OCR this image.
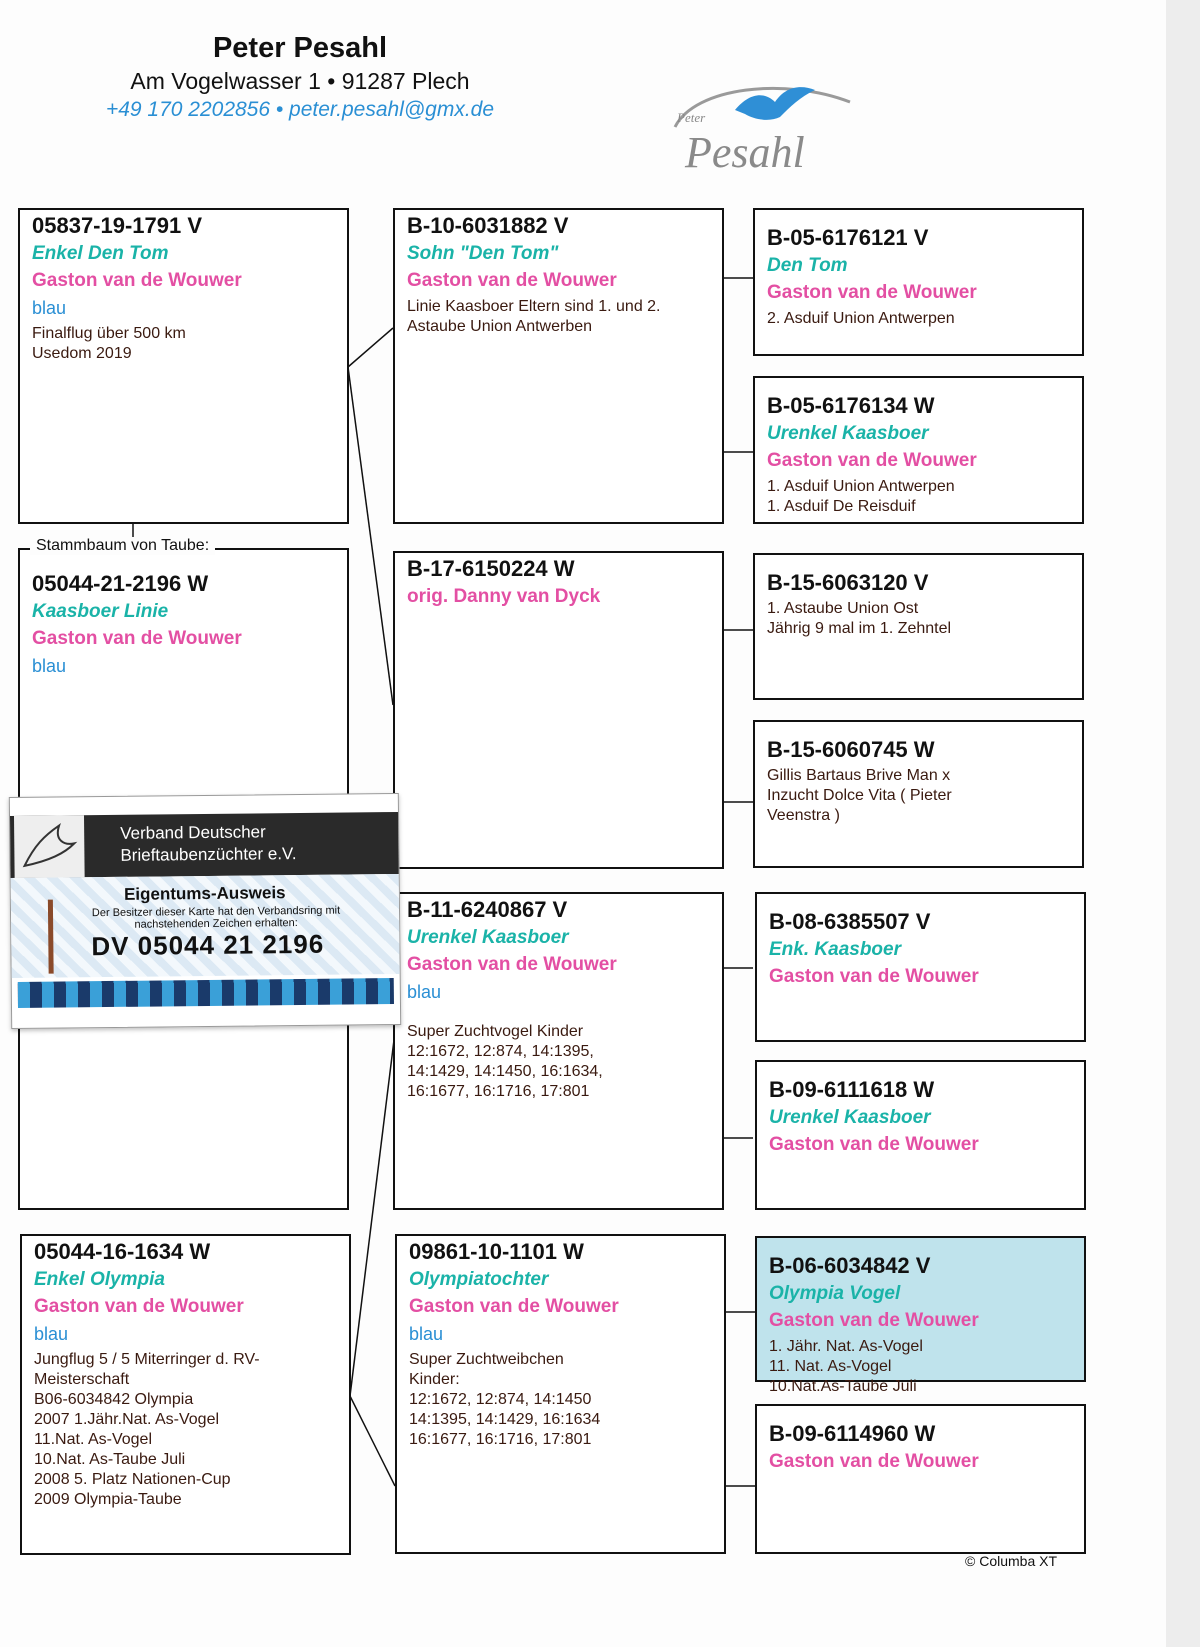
Peter Pesahl
Am Vogelwasser 1 • 91287 Plech
+49 170 2202856 • peter.pesahl@gmx.de	Peter
Pesahl
05837-19-1791 V
Enkel Den Tom
Gaston van de Wouwer
blau
Finalflug über 500 km
Usedom 2019
05044-21-2196 W
Kaasboer Linie
Gaston van de Wouwer
blau
Stammbaum von Taube:
05044-16-1634 W
Enkel Olympia
Gaston van de Wouwer
blau
Jungflug 5 / 5 Miterringer d. RV-
Meisterschaft
B06-6034842 Olympia
2007 1.Jähr.Nat. As-Vogel
11.Nat. As-Vogel
10.Nat. As-Taube Juli
2008 5. Platz Nationen-Cup
2009 Olympia-Taube
B-10-6031882 V
Sohn "Den Tom"
Gaston van de Wouwer
Linie Kaasboer Eltern sind 1. und 2.
Astaube Union Antwerben
B-17-6150224 W
orig. Danny van Dyck
B-11-6240867 V
Urenkel Kaasboer
Gaston van de Wouwer
blau
Super Zuchtvogel Kinder
12:1672, 12:874, 14:1395,
14:1429, 14:1450, 16:1634,
16:1677, 16:1716, 17:801
09861-10-1101 W
Olympiatochter
Gaston van de Wouwer
blau
Super Zuchtweibchen
Kinder:
12:1672, 12:874, 14:1450
14:1395, 14:1429, 16:1634
16:1677, 16:1716, 17:801
B-05-6176121 V
Den Tom
Gaston van de Wouwer
2. Asduif Union Antwerpen
B-05-6176134 W
Urenkel Kaasboer
Gaston van de Wouwer
1. Asduif Union Antwerpen
1. Asduif De Reisduif
B-15-6063120 V
1. Astaube Union Ost
Jährig 9 mal im 1. Zehntel
B-15-6060745 W
Gillis Bartaus Brive Man x
Inzucht Dolce Vita ( Pieter
Veenstra )
B-08-6385507 V
Enk. Kaasboer
Gaston van de Wouwer
B-09-6111618 W
Urenkel Kaasboer
Gaston van de Wouwer
B-06-6034842 V
Olympia Vogel
Gaston van de Wouwer
1. Jähr. Nat. As-Vogel
11. Nat. As-Vogel
10.Nat.As-Taube Juli
B-09-6114960 W
Gaston van de Wouwer
Verband Deutscher
Brieftaubenzüchter e.V.
Eigentums-Ausweis
Der Besitzer dieser Karte hat den Verbandsring mit nachstehenden Zeichen erhalten:
DV 05044 21 2196
© Columba XT
